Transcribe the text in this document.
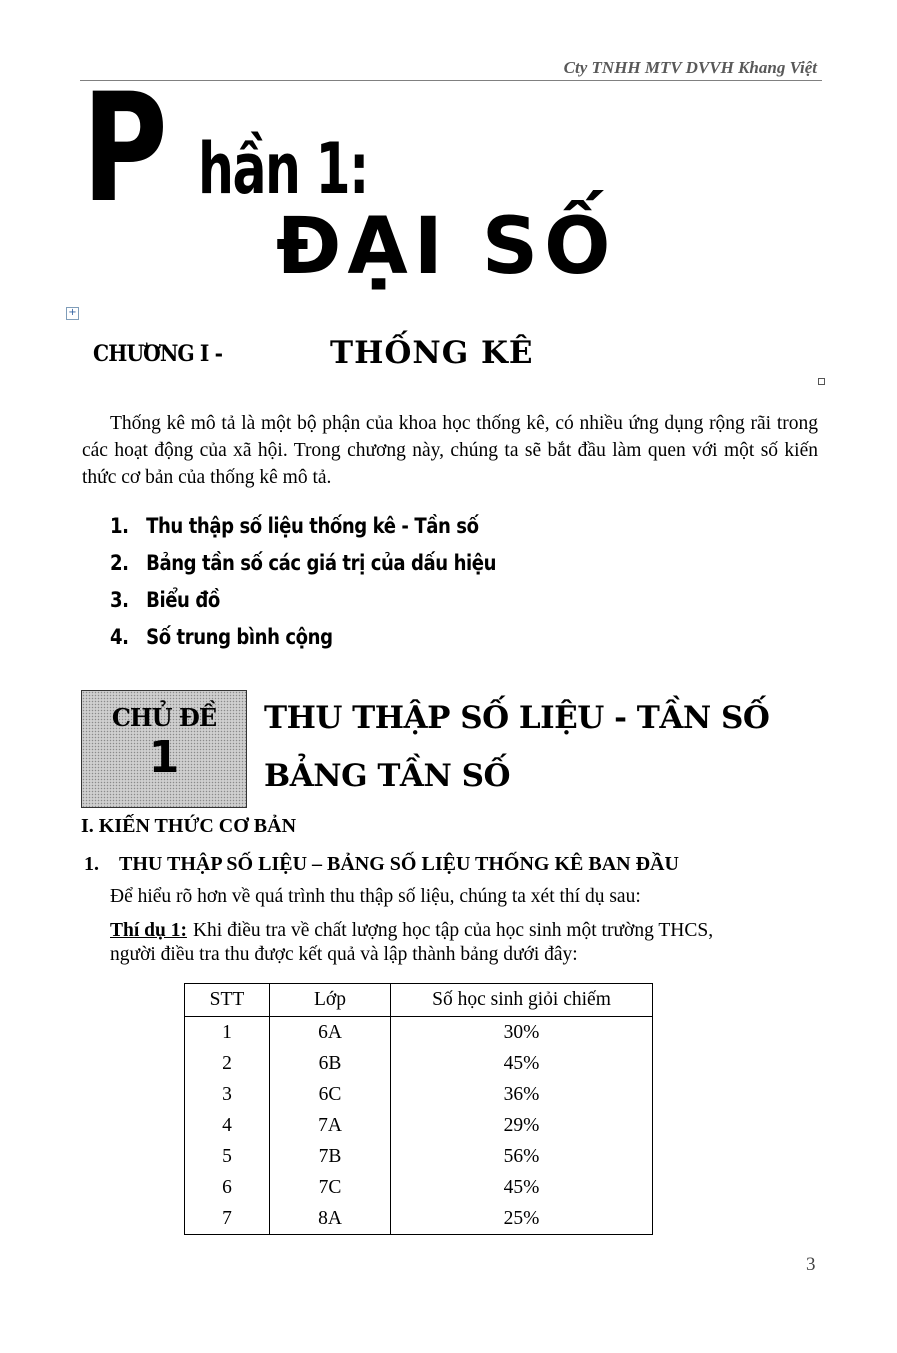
Cty TNHH MTV DVVH Khang Việt
P hần 1:
ĐẠI SỐ
+
CHƯƠNG I -	THỐNG KÊ
Thống kê mô tả là một bộ phận của khoa học thống kê, có nhiều ứng dụng rộng rãi trong các hoạt động của xã hội. Trong chương này, chúng ta sẽ bắt đầu làm quen với một số kiến thức cơ bản của thống kê mô tả.
1. Thu thập số liệu thống kê - Tần số
2. Bảng tần số các giá trị của dấu hiệu
3. Biểu đồ
4. Số trung bình cộng
CHỦ ĐỀ
1
THU THẬP SỐ LIỆU - TẦN SỐ
BẢNG TẦN SỐ
I. KIẾN THỨC CƠ BẢN
1. THU THẬP SỐ LIỆU – BẢNG SỐ LIỆU THỐNG KÊ BAN ĐẦU
Để hiểu rõ hơn về quá trình thu thập số liệu, chúng ta xét thí dụ sau:
Thí dụ 1: Khi điều tra về chất lượng học tập của học sinh một trường THCS,
người điều tra thu được kết quả và lập thành bảng dưới đây:
STT	Lớp	Số học sinh giỏi chiếm
1	6A	30%
2	6B	45%
3	6C	36%
4	7A	29%
5	7B	56%
6	7C	45%
7	8A	25%
3
